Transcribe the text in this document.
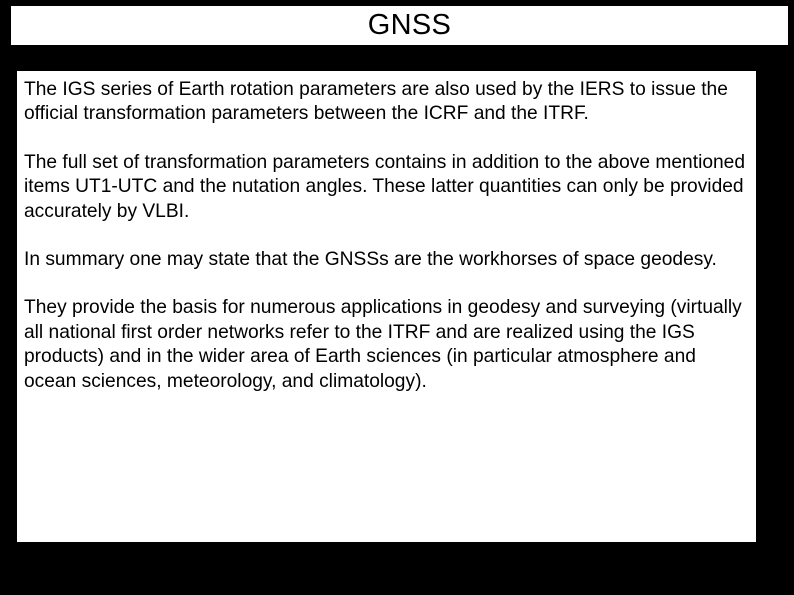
GNSS

The IGS series of Earth rotation parameters are also used by the IERS to issue the official transformation parameters between the ICRF and the ITRF.

The full set of transformation parameters contains in addition to the above mentioned items UT1-UTC and the nutation angles. These latter quantities can only be provided accurately by VLBI.

In summary one may state that the GNSSs are the workhorses of space geodesy.

They provide the basis for numerous applications in geodesy and surveying (virtually all national first order networks refer to the ITRF and are realized using the IGS products) and in the wider area of Earth sciences (in particular atmosphere and ocean sciences, meteorology, and climatology).
